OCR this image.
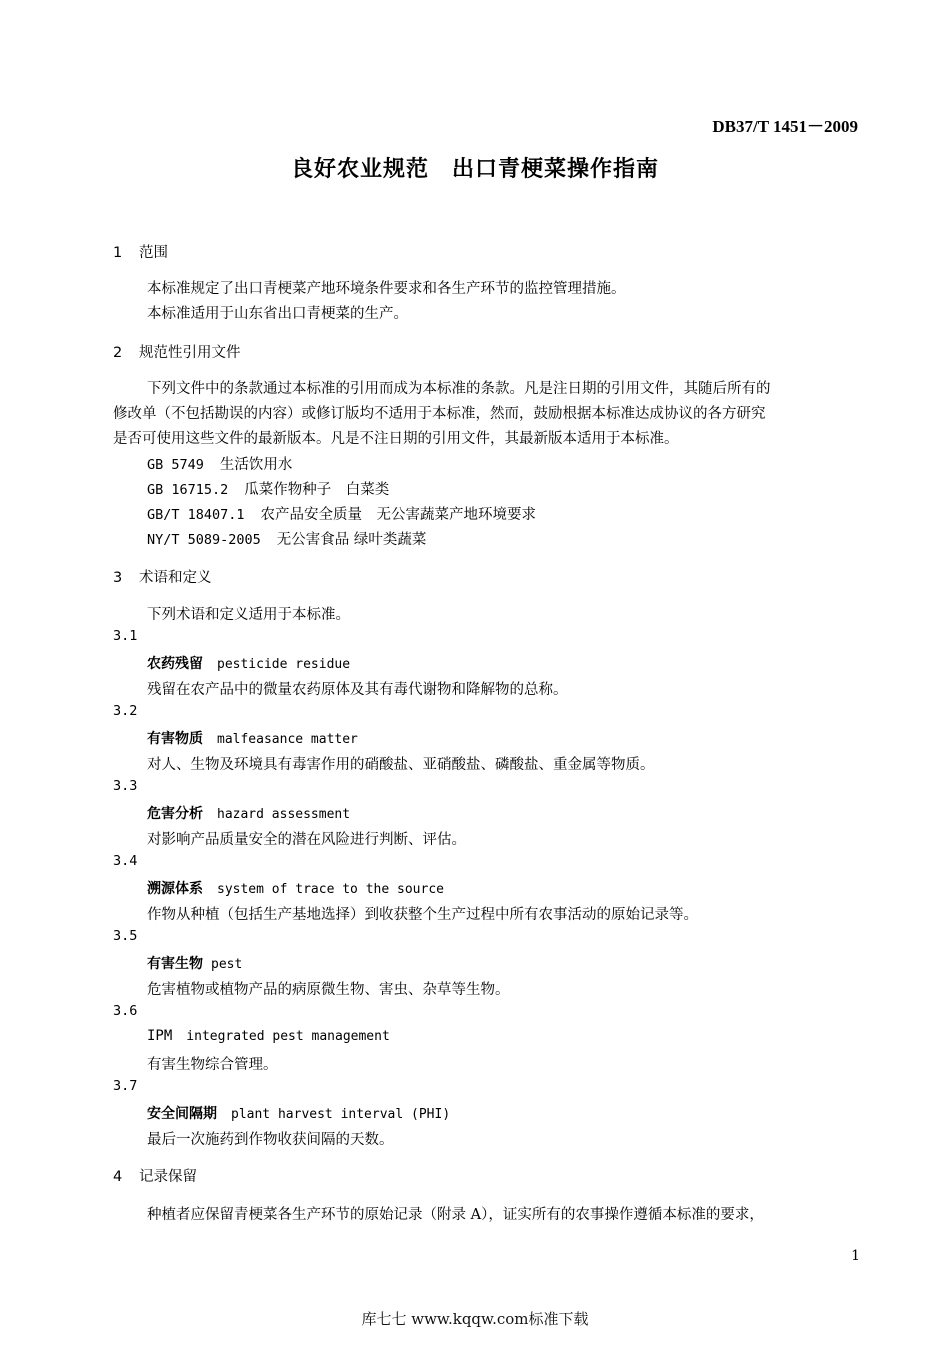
DB37/T 1451－2009
良好农业规范　出口青梗菜操作指南
1 范围
本标准规定了出口青梗菜产地环境条件要求和各生产环节的监控管理措施。
本标准适用于山东省出口青梗菜的生产。
2 规范性引用文件
下列文件中的条款通过本标准的引用而成为本标准的条款。凡是注日期的引用文件，其随后所有的
修改单（不包括勘误的内容）或修订版均不适用于本标准，然而，鼓励根据本标准达成协议的各方研究
是否可使用这些文件的最新版本。凡是不注日期的引用文件，其最新版本适用于本标准。
GB 5749 生活饮用水
GB 16715.2 瓜菜作物种子　白菜类
GB/T 18407.1 农产品安全质量　无公害蔬菜产地环境要求
NY/T 5089-2005 无公害食品 绿叶类蔬菜
3 术语和定义
下列术语和定义适用于本标准。
3.1
农药残留 pesticide residue
残留在农产品中的微量农药原体及其有毒代谢物和降解物的总称。
3.2
有害物质 malfeasance matter
对人、生物及环境具有毒害作用的硝酸盐、亚硝酸盐、磷酸盐、重金属等物质。
3.3
危害分析 hazard assessment
对影响产品质量安全的潜在风险进行判断、评估。
3.4
溯源体系 system of trace to the source
作物从种植（包括生产基地选择）到收获整个生产过程中所有农事活动的原始记录等。
3.5
有害生物 pest
危害植物或植物产品的病原微生物、害虫、杂草等生物。
3.6
IPM integrated pest management
有害生物综合管理。
3.7
安全间隔期 plant harvest interval (PHI)
最后一次施药到作物收获间隔的天数。
4 记录保留
种植者应保留青梗菜各生产环节的原始记录（附录 A），证实所有的农事操作遵循本标准的要求，
1
库七七 www.kqqw.com标准下载
